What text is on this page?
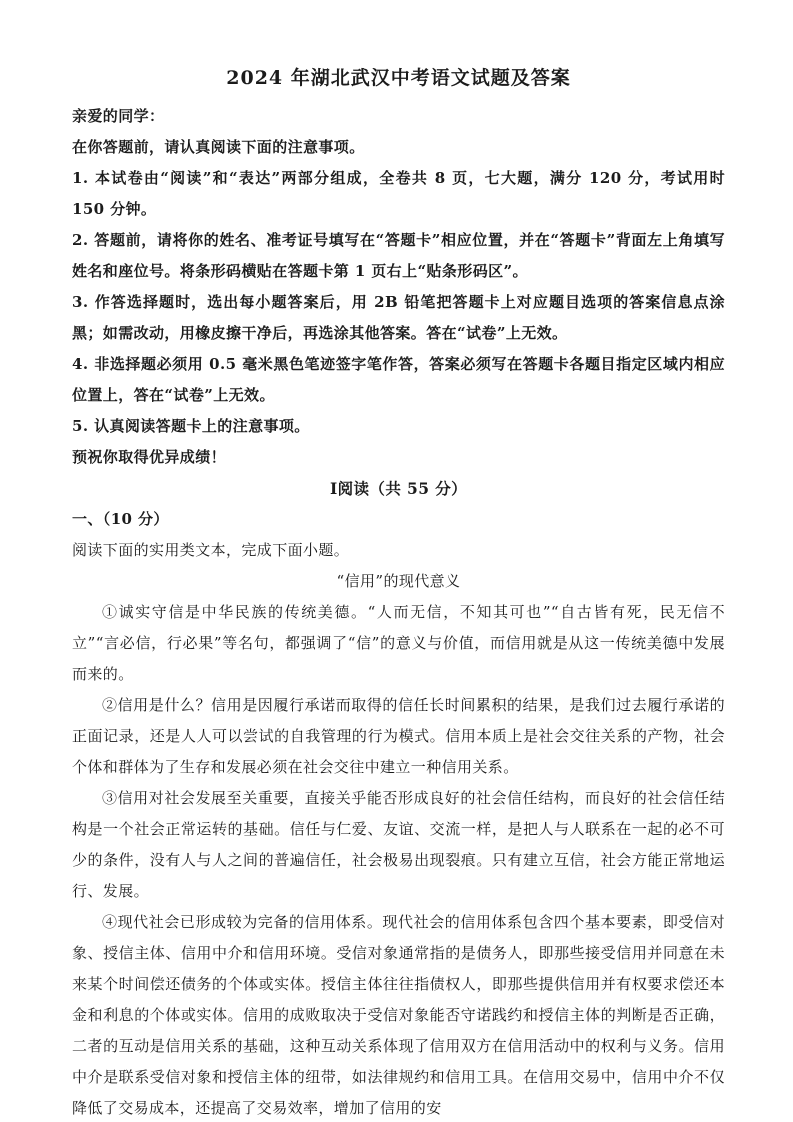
2024 年湖北武汉中考语文试题及答案

亲爱的同学：

在你答题前，请认真阅读下面的注意事项。

1. 本试卷由“阅读”和“表达”两部分组成，全卷共 8 页，七大题，满分 120 分，考试用时 150 分钟。

2. 答题前，请将你的姓名、准考证号填写在“答题卡”相应位置，并在“答题卡”背面左上角填写姓名和座位号。将条形码横贴在答题卡第 1 页右上“贴条形码区”。

3. 作答选择题时，选出每小题答案后，用 2B 铅笔把答题卡上对应题目选项的答案信息点涂黑；如需改动，用橡皮擦干净后，再选涂其他答案。答在“试卷”上无效。

4. 非选择题必须用 0.5 毫米黑色笔迹签字笔作答，答案必须写在答题卡各题目指定区域内相应位置上，答在“试卷”上无效。

5. 认真阅读答题卡上的注意事项。

预祝你取得优异成绩！

Ⅰ阅读（共 55 分）

一、（10 分）

阅读下面的实用类文本，完成下面小题。

“信用”的现代意义

①诚实守信是中华民族的传统美德。“人而无信，不知其可也”“自古皆有死，民无信不立”“言必信，行必果”等名句，都强调了“信”的意义与价值，而信用就是从这一传统美德中发展而来的。

②信用是什么？信用是因履行承诺而取得的信任长时间累积的结果，是我们过去履行承诺的正面记录，还是人人可以尝试的自我管理的行为模式。信用本质上是社会交往关系的产物，社会个体和群体为了生存和发展必须在社会交往中建立一种信用关系。

③信用对社会发展至关重要，直接关乎能否形成良好的社会信任结构，而良好的社会信任结构是一个社会正常运转的基础。信任与仁爱、友谊、交流一样，是把人与人联系在一起的必不可少的条件，没有人与人之间的普遍信任，社会极易出现裂痕。只有建立互信，社会方能正常地运行、发展。

④现代社会已形成较为完备的信用体系。现代社会的信用体系包含四个基本要素，即受信对象、授信主体、信用中介和信用环境。受信对象通常指的是债务人，即那些接受信用并同意在未来某个时间偿还债务的个体或实体。授信主体往往指债权人，即那些提供信用并有权要求偿还本金和利息的个体或实体。信用的成败取决于受信对象能否守诺践约和授信主体的判断是否正确，二者的互动是信用关系的基础，这种互动关系体现了信用双方在信用活动中的权利与义务。信用中介是联系受信对象和授信主体的纽带，如法律规约和信用工具。在信用交易中，信用中介不仅降低了交易成本，还提高了交易效率，增加了信用的安
